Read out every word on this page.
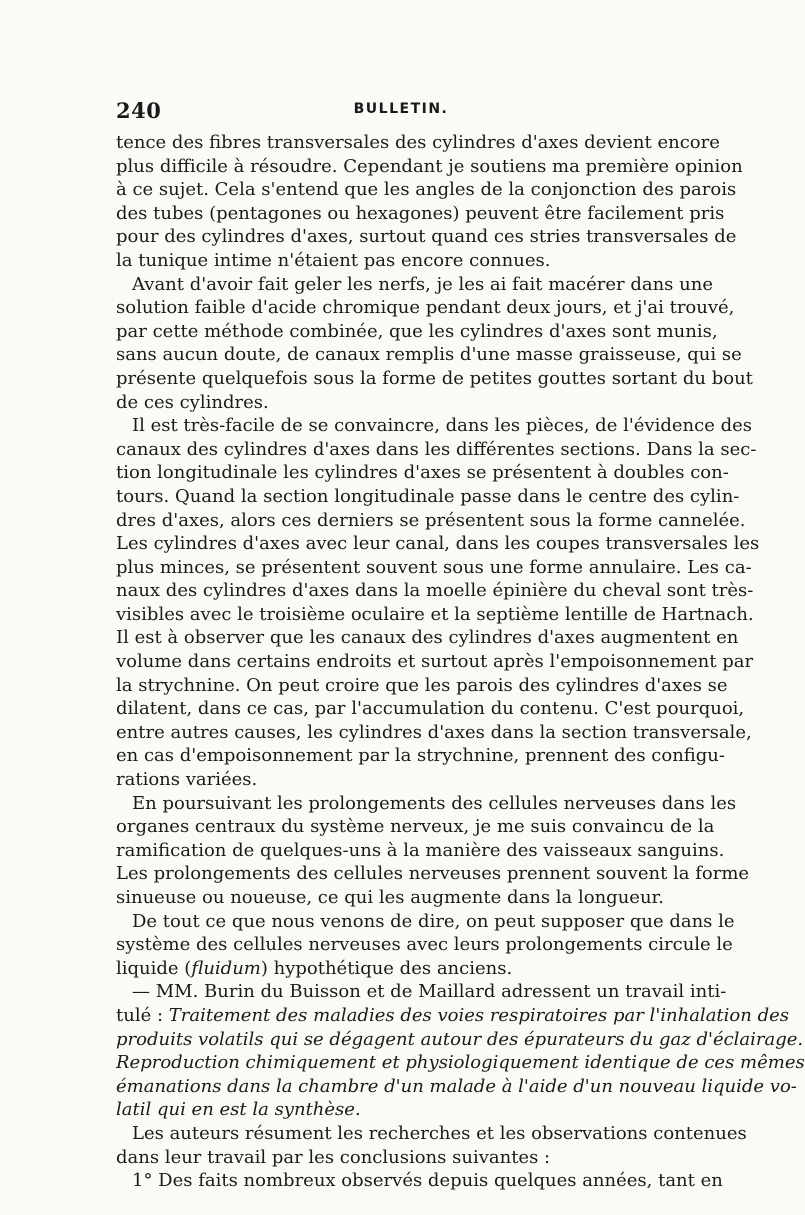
240	BULLETIN.
tence des fibres transversales des cylindres d'axes devient encore
plus difficile à résoudre. Cependant je soutiens ma première opinion
à ce sujet. Cela s'entend que les angles de la conjonction des parois
des tubes (pentagones ou hexagones) peuvent être facilement pris
pour des cylindres d'axes, surtout quand ces stries transversales de
la tunique intime n'étaient pas encore connues.
Avant d'avoir fait geler les nerfs, je les ai fait macérer dans une
solution faible d'acide chromique pendant deux jours, et j'ai trouvé,
par cette méthode combinée, que les cylindres d'axes sont munis,
sans aucun doute, de canaux remplis d'une masse graisseuse, qui se
présente quelquefois sous la forme de petites gouttes sortant du bout
de ces cylindres.
Il est très-facile de se convaincre, dans les pièces, de l'évidence des
canaux des cylindres d'axes dans les différentes sections. Dans la sec-
tion longitudinale les cylindres d'axes se présentent à doubles con-
tours. Quand la section longitudinale passe dans le centre des cylin-
dres d'axes, alors ces derniers se présentent sous la forme cannelée.
Les cylindres d'axes avec leur canal, dans les coupes transversales les
plus minces, se présentent souvent sous une forme annulaire. Les ca-
naux des cylindres d'axes dans la moelle épinière du cheval sont très-
visibles avec le troisième oculaire et la septième lentille de Hartnach.
Il est à observer que les canaux des cylindres d'axes augmentent en
volume dans certains endroits et surtout après l'empoisonnement par
la strychnine. On peut croire que les parois des cylindres d'axes se
dilatent, dans ce cas, par l'accumulation du contenu. C'est pourquoi,
entre autres causes, les cylindres d'axes dans la section transversale,
en cas d'empoisonnement par la strychnine, prennent des configu-
rations variées.
En poursuivant les prolongements des cellules nerveuses dans les
organes centraux du système nerveux, je me suis convaincu de la
ramification de quelques-uns à la manière des vaisseaux sanguins.
Les prolongements des cellules nerveuses prennent souvent la forme
sinueuse ou noueuse, ce qui les augmente dans la longueur.
De tout ce que nous venons de dire, on peut supposer que dans le
système des cellules nerveuses avec leurs prolongements circule le
liquide (fluidum) hypothétique des anciens.
— MM. Burin du Buisson et de Maillard adressent un travail inti-
tulé : Traitement des maladies des voies respiratoires par l'inhalation des
produits volatils qui se dégagent autour des épurateurs du gaz d'éclairage.
Reproduction chimiquement et physiologiquement identique de ces mêmes
émanations dans la chambre d'un malade à l'aide d'un nouveau liquide vo-
latil qui en est la synthèse.
Les auteurs résument les recherches et les observations contenues
dans leur travail par les conclusions suivantes :
1° Des faits nombreux observés depuis quelques années, tant en
